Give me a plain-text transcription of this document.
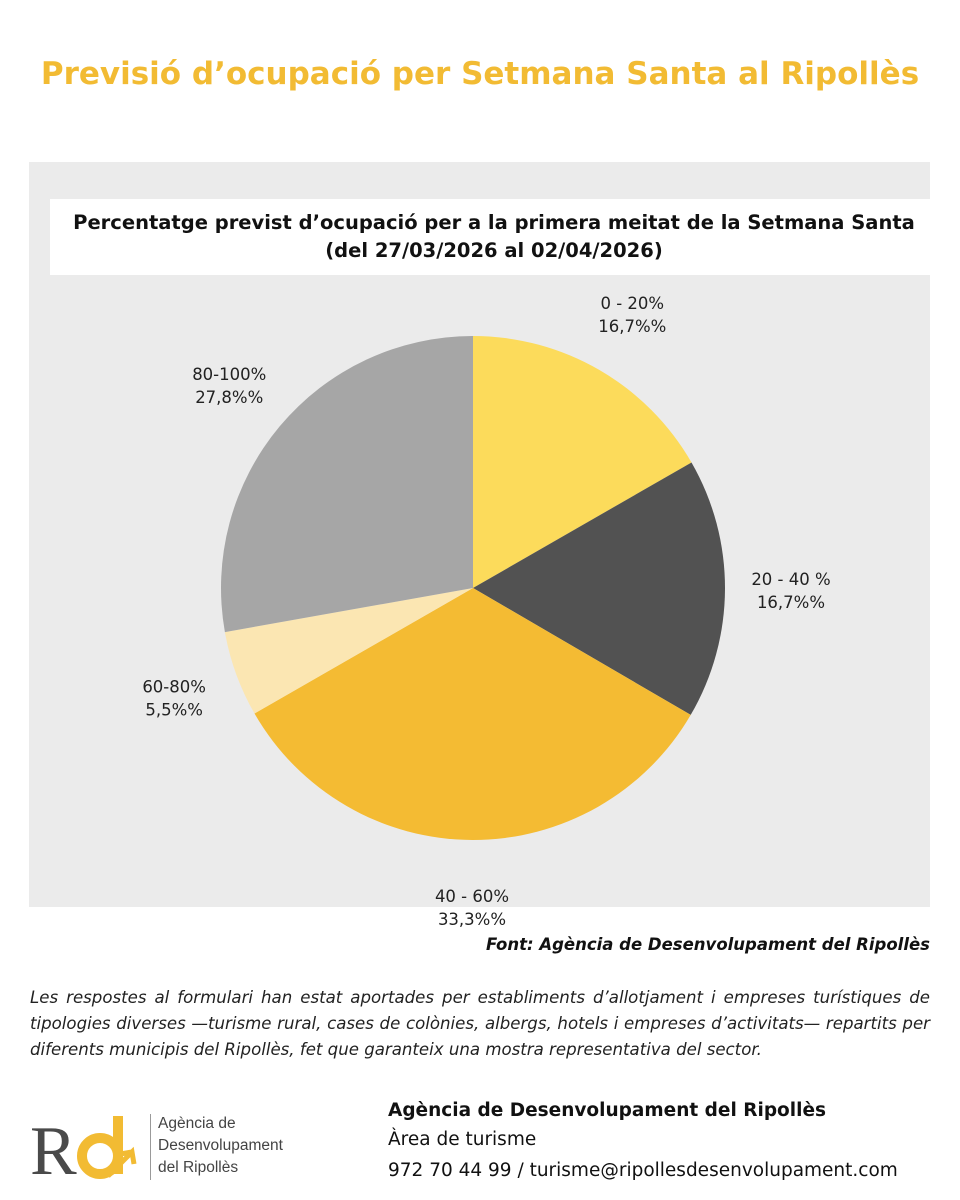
Previsió d’ocupació per Setmana Santa al Ripollès
0 - 20% 16,7%%
20 - 40 % 16,7%%
40 - 60% 33,3%%
60-80% 5,5%%
80-100% 27,8%%
Percentatge previst d’ocupació per a la primera meitat de la Setmana Santa
(del 27/03/2026 al 02/04/2026)
Font: Agència de Desenvolupament del Ripollès

Les respostes al formulari han estat aportades per establiments d’allotjament i empreses turístiques de tipologies diverses —turisme rural, cases de colònies, albergs, hotels i empreses d’activitats— repartits per diferents municipis del Ripollès, fet que garanteix una mostra representativa del sector.

R	Agència de
Desenvolupament
del Ripollès
Agència de Desenvolupament del Ripollès
Àrea de turisme
972 70 44 99 / turisme@ripollesdesenvolupament.com
